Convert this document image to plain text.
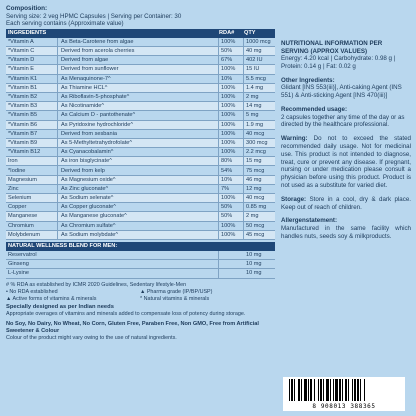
Composition:
Serving size: 2 veg HPMC Capsules | Serving per Container: 30
Each serving contains (Approximate value)
INGREDIENTS	RDA#	QTY
*Vitamin A	As Beta-Carotene from algae	100%	1000 mcg
*Vitamin C	Derived from acerola cherries	50%	40 mg
*Vitamin D	Derived from algae	67%	402 IU
*Vitamin E	Derived from sunflower	100%	15 IU
*Vitamin K1	As Menaquinone-7^	10%	5.5 mcg
*Vitamin B1	As Thiamine HCL^	100%	1.4 mg
*Vitamin B2	As Riboflavin-5-phosphate^	100%	2 mg
*Vitamin B3	As Nicotinamide^	100%	14 mg
*Vitamin B5	As Calcium D - pantothenate^	100%	5 mg
*Vitamin B6	As Pyridoxine hydrochloride^	100%	1.9 mg
*Vitamin B7	Derived from sesbania	100%	40 mcg
*Vitamin B9	As 5-Methyltetrahydrofolate^	100%	300 mcg
*Vitamin B12	As Cyanacobalamin^	100%	2.2 mcg
Iron	As iron bisglycinate^	80%	15 mg
*Iodine	Derived from kelp	54%	75 mcg
Magnesium	As Magnesium oxide^	10%	46 mg
Zinc	As Zinc gluconate^	7%	12 mg
Selenium	As Sodium selenate^	100%	40 mcg
Copper	As Copper gluconate^	50%	0.85 mg
Manganese	As Manganese gluconate^	50%	2 mg
Chromium	As Chromium sulfate^	100%	50 mcg
Molybdenum	As Sodium molybdate^	100%	45 mcg
NATURAL WELLNESS BLEND FOR MEN:
Reservatrol	10 mg
Ginseng	10 mg
L-Lysine	10 mg
# % RDA as established by ICMR 2020 Guidelines, Sedentary lifestyle-Men
• No RDA established	▲ Pharma grade (IP/BP/USP)
▲ Active forms of vitamins & minerals	* Natural vitamins & minerals
Specially designed as per Indian needs
Appropriate overages of vitamins and minerals added to compensate loss of potency during storage.
No Soy, No Dairy, No Wheat, No Corn, Gluten Free, Paraben Free, Non GMO, Free from Artificial Sweetener & Colour
Colour of the product might vary owing to the use of natural ingredients.
NUTRITIONAL INFORMATION PER SERVING (APPROX VALUES)
Energy: 4.20 kcal | Carbohydrate: 0.98 g | Protein: 0.14 g | Fat: 0.02 g
Other Ingredients:
Glidant [INS 553(iii)], Anti-caking Agent (INS 551) & Anti-sticking Agent [INS 470(iii)]
Recommended usage:
2 capsules together any time of the day or as directed by the healthcare professional.
Warning: Do not to exceed the stated recommended daily usage. Not for medicinal use. This product is not intended to diagnose, treat, cure or prevent any disease. If pregnant, nursing or under medication please consult a physician before using this product. Product is not used as a substitute for varied diet.
Storage: Store in a cool, dry & dark place. Keep out of reach of children.
Allergenstatement:
Manufactured in the same facility which handles nuts, seeds soy & milkproducts.
8 908013 388365
